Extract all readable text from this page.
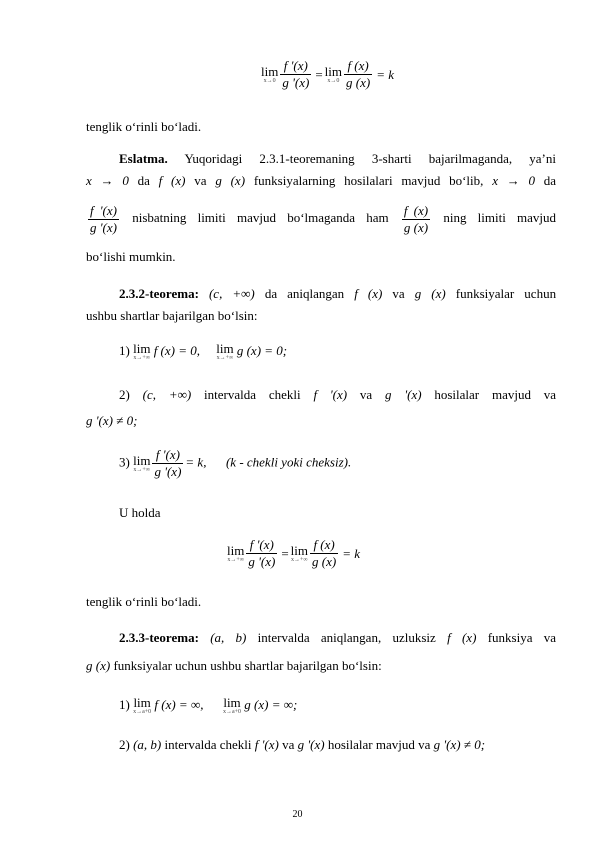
lim
$x\to 0 \frac{f '(x)}{g '(x)} = \lim$
$x\to 0 \frac{f (x)}{g (x)} = k$
tenglik o‘rinli bo‘ladi.
Eslatma. Yuqoridagi 2.3.1-teoremaning 3-sharti bajarilmaganda, ya’ni
x → 0 da f (x) va g (x) funksiyalarning hosilalari mavjud bo‘lib, x → 0 da
$\frac{f '(x)}{g '(x)}$ nisbatning limiti mavjud bo‘lmaganda ham $\frac{f (x)}{g (x)}$ ning limiti mavjud
bo‘lishi mumkin.
2.3.2-teorema: (c, +∞) da aniqlangan f (x) va g (x) funksiyalar uchun
ushbu shartlar bajarilgan bo‘lsin:
1) lim
x→+∞
f (x) = 0, lim
x→+∞
g (x) = 0;
2) (c, +∞) intervalda chekli f '(x) va g '(x) hosilalar mavjud va
g '(x) ≠ 0;
3) lim
$x\to+\infty \frac{f '(x)}{g '(x)} = k$, (k - chekli yoki cheksiz).
U holda
lim
$x\to+\infty \frac{f '(x)}{g '(x)} = \lim$
$x\to+\infty \frac{f (x)}{g (x)} = k$
tenglik o‘rinli bo‘ladi.
2.3.3-teorema: (a, b) intervalda aniqlangan, uzluksiz f (x) funksiya va
g (x) funksiyalar uchun ushbu shartlar bajarilgan bo‘lsin:
1) lim
x→a+0
f (x) = ∞, lim
x→a+0
g (x) = ∞;
2) (a, b) intervalda chekli f '(x) va g '(x) hosilalar mavjud va g '(x) ≠ 0;
20
